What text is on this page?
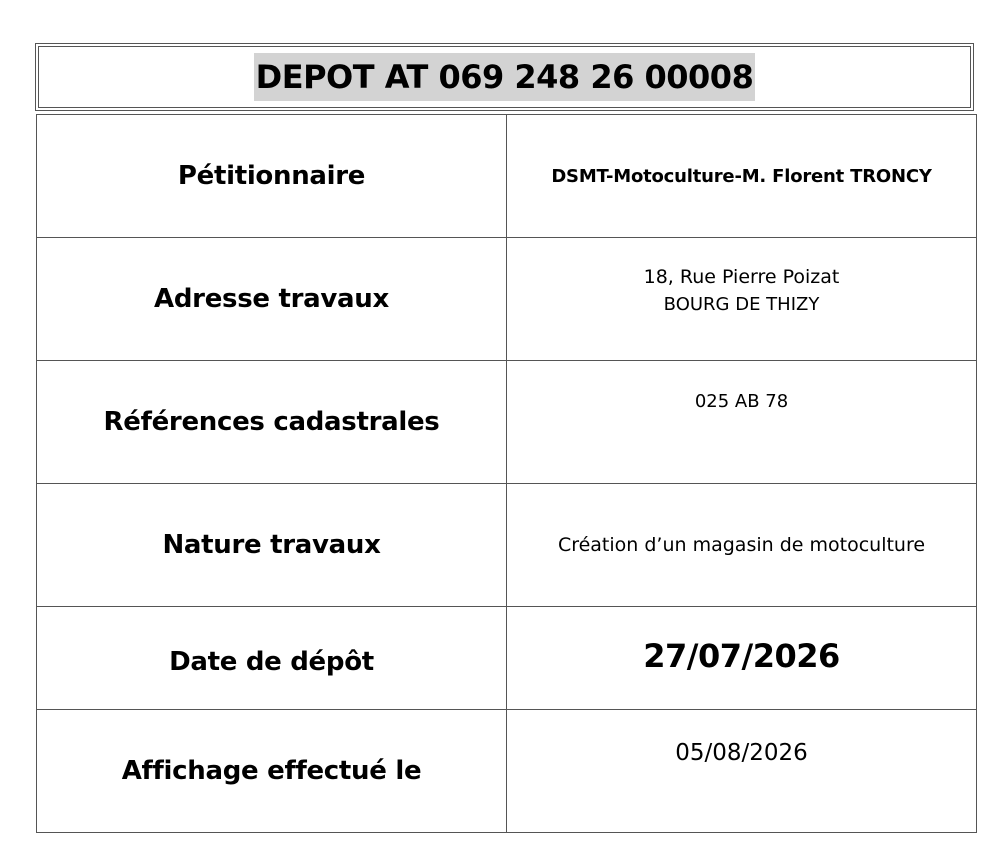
DEPOT AT 069 248 26 00008
Pétitionnaire	DSMT-Motoculture-M. Florent TRONCY
Adresse travaux	18, Rue Pierre Poizat
BOURG DE THIZY

Références cadastrales	025 AB 78

Nature travaux	Création d’un magasin de motoculture
Date de dépôt	27/07/2026

Affichage effectué le	05/08/2026
